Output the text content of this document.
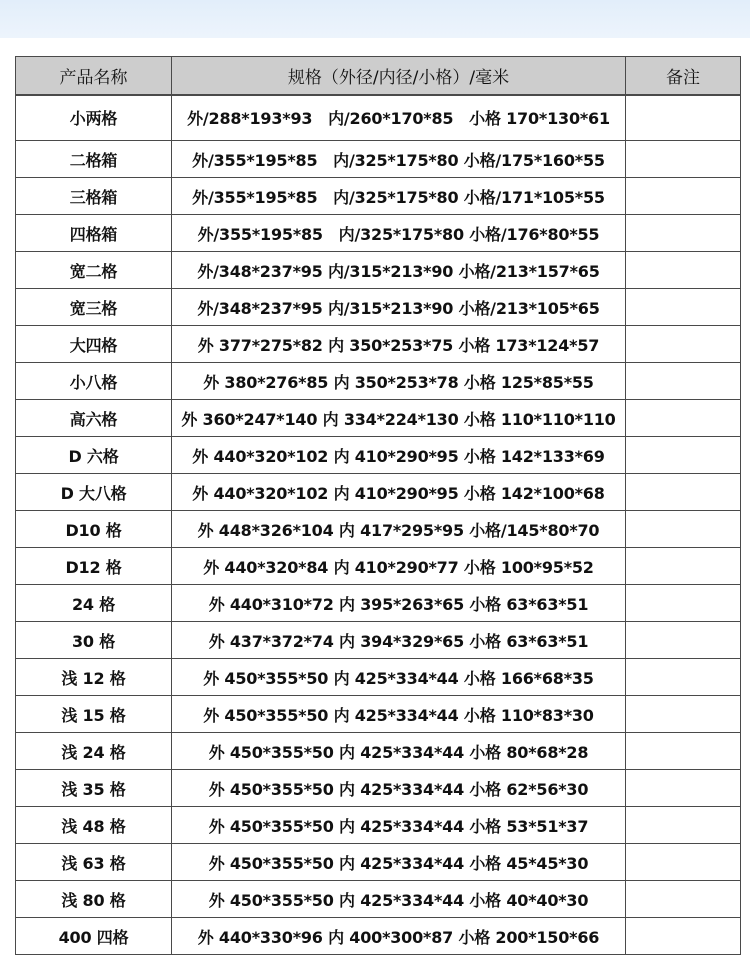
产品名称	规格（外径/内径/小格）/毫米	备注
小两格	外/288*193*93　内/260*170*85　小格 170*130*61	
二格箱	外/355*195*85　内/325*175*80 小格/175*160*55	
三格箱	外/355*195*85　内/325*175*80 小格/171*105*55	
四格箱	外/355*195*85　内/325*175*80 小格/176*80*55	
宽二格	外/348*237*95 内/315*213*90 小格/213*157*65	
宽三格	外/348*237*95 内/315*213*90 小格/213*105*65	
大四格	外 377*275*82 内 350*253*75 小格 173*124*57	
小八格	外 380*276*85 内 350*253*78 小格 125*85*55	
高六格	外 360*247*140 内 334*224*130 小格 110*110*110	
D 六格	外 440*320*102 内 410*290*95 小格 142*133*69	
D 大八格	外 440*320*102 内 410*290*95 小格 142*100*68	
D10 格	外 448*326*104 内 417*295*95 小格/145*80*70	
D12 格	外 440*320*84 内 410*290*77 小格 100*95*52	
24 格	外 440*310*72 内 395*263*65 小格 63*63*51	
30 格	外 437*372*74 内 394*329*65 小格 63*63*51	
浅 12 格	外 450*355*50 内 425*334*44 小格 166*68*35	
浅 15 格	外 450*355*50 内 425*334*44 小格 110*83*30	
浅 24 格	外 450*355*50 内 425*334*44 小格 80*68*28	
浅 35 格	外 450*355*50 内 425*334*44 小格 62*56*30	
浅 48 格	外 450*355*50 内 425*334*44 小格 53*51*37	
浅 63 格	外 450*355*50 内 425*334*44 小格 45*45*30	
浅 80 格	外 450*355*50 内 425*334*44 小格 40*40*30	
400 四格	外 440*330*96 内 400*300*87 小格 200*150*66	
